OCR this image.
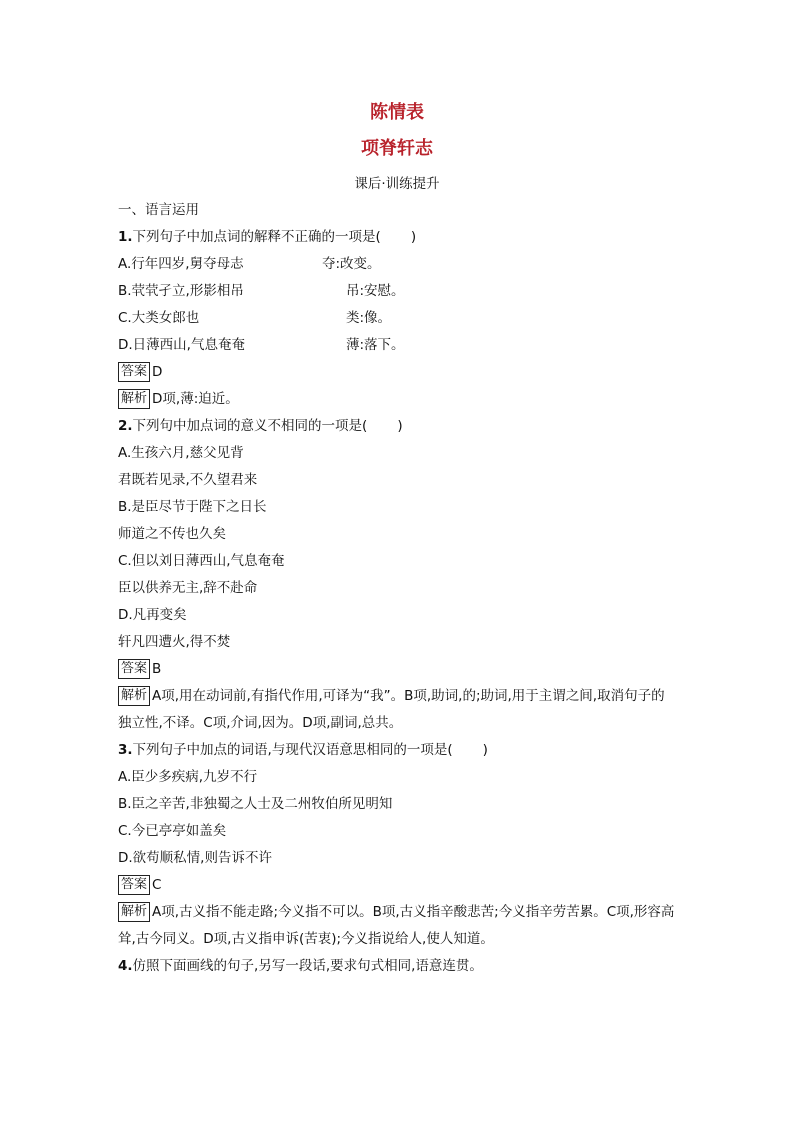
陈情表
项脊轩志
课后·训练提升
一、语言运用
1.下列句子中加点词的解释不正确的一项是( )
A.行年四岁,舅夺母志	夺:改变。
B.茕茕孑立,形影相吊	吊:安慰。
C.大类女郎也	类:像。
D.日薄西山,气息奄奄	薄:落下。
答案 D
解析 D项,薄:迫近。
2.下列句中加点词的意义不相同的一项是( )
A.生孩六月,慈父见背
君既若见录,不久望君来
B.是臣尽节于陛下之日长
师道之不传也久矣
C.但以刘日薄西山,气息奄奄
臣以供养无主,辞不赴命
D.凡再变矣
轩凡四遭火,得不焚
答案 B
解析 A项,用在动词前,有指代作用,可译为“我”。B项,助词,的;助词,用于主谓之间,取消句子的独立性,不译。C项,介词,因为。D项,副词,总共。
3.下列句子中加点的词语,与现代汉语意思相同的一项是( )
A.臣少多疾病,九岁不行
B.臣之辛苦,非独蜀之人士及二州牧伯所见明知
C.今已亭亭如盖矣
D.欲苟顺私情,则告诉不许
答案 C
解析 A项,古义指不能走路;今义指不可以。B项,古义指辛酸悲苦;今义指辛劳苦累。C项,形容高耸,古今同义。D项,古义指申诉(苦衷);今义指说给人,使人知道。
4.仿照下面画线的句子,另写一段话,要求句式相同,语意连贯。
